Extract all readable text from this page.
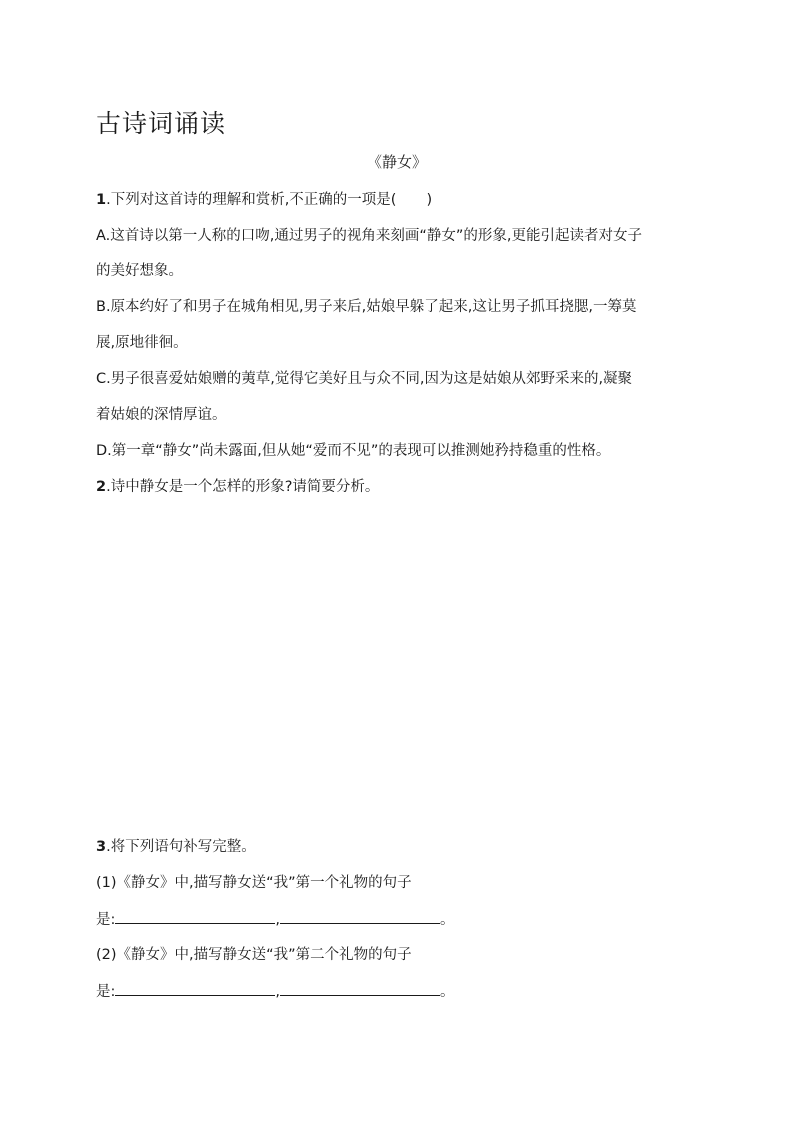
古诗词诵读

《静女》

1.下列对这首诗的理解和赏析,不正确的一项是( )

A.这首诗以第一人称的口吻,通过男子的视角来刻画“静女”的形象,更能引起读者对女子

的美好想象。

B.原本约好了和男子在城角相见,男子来后,姑娘早躲了起来,这让男子抓耳挠腮,一筹莫

展,原地徘徊。

C.男子很喜爱姑娘赠的荑草,觉得它美好且与众不同,因为这是姑娘从郊野采来的,凝聚

着姑娘的深情厚谊。

D.第一章“静女”尚未露面,但从她“爱而不见”的表现可以推测她矜持稳重的性格。

2.诗中静女是一个怎样的形象?请简要分析。

3.将下列语句补写完整。

(1)《静女》中,描写静女送“我”第一个礼物的句子

是:	,	。

(2)《静女》中,描写静女送“我”第二个礼物的句子

是:	,	。
